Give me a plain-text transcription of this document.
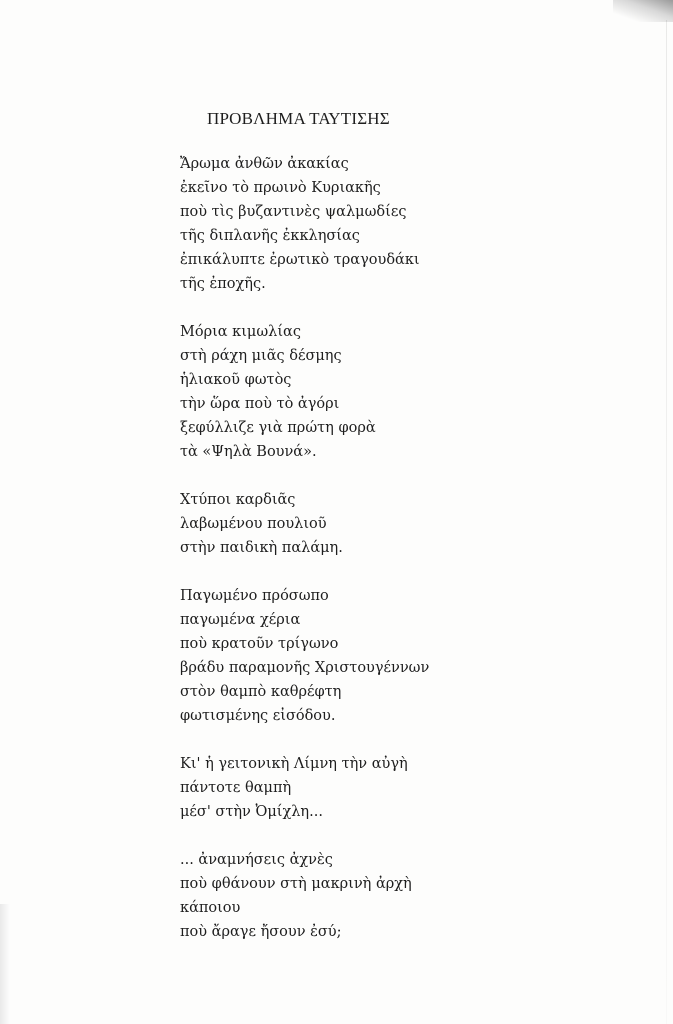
ΠΡΟΒΛΗΜΑ ΤΑΥΤΙΣΗΣ
Ἄρωμα ἀνθῶν ἀκακίας
ἐκεῖνο τὸ πρωινὸ Κυριακῆς
ποὺ τὶς βυζαντινὲς ψαλμωδίες
τῆς διπλανῆς ἐκκλησίας
ἐπικάλυπτε ἐρωτικὸ τραγουδάκι
τῆς ἐποχῆς.
Μόρια κιμωλίας
στὴ ράχη μιᾶς δέσμης
ἡλιακοῦ φωτὸς
τὴν ὥρα ποὺ τὸ ἀγόρι
ξεφύλλιζε γιὰ πρώτη φορὰ
τὰ «Ψηλὰ Βουνά».
Χτύποι καρδιᾶς
λαβωμένου πουλιοῦ
στὴν παιδικὴ παλάμη.
Παγωμένο πρόσωπο
παγωμένα χέρια
ποὺ κρατοῦν τρίγωνο
βράδυ παραμονῆς Χριστουγέννων
στὸν θαμπὸ καθρέφτη
φωτισμένης εἰσόδου.
Κι' ἡ γειτονικὴ Λίμνη τὴν αὐγὴ
πάντοτε θαμπὴ
μέσ' στὴν Ὀμίχλη...
... ἀναμνήσεις ἀχνὲς
ποὺ φθάνουν στὴ μακρινὴ ἀρχὴ
κάποιου
ποὺ ἄραγε ἤσουν ἐσύ;
